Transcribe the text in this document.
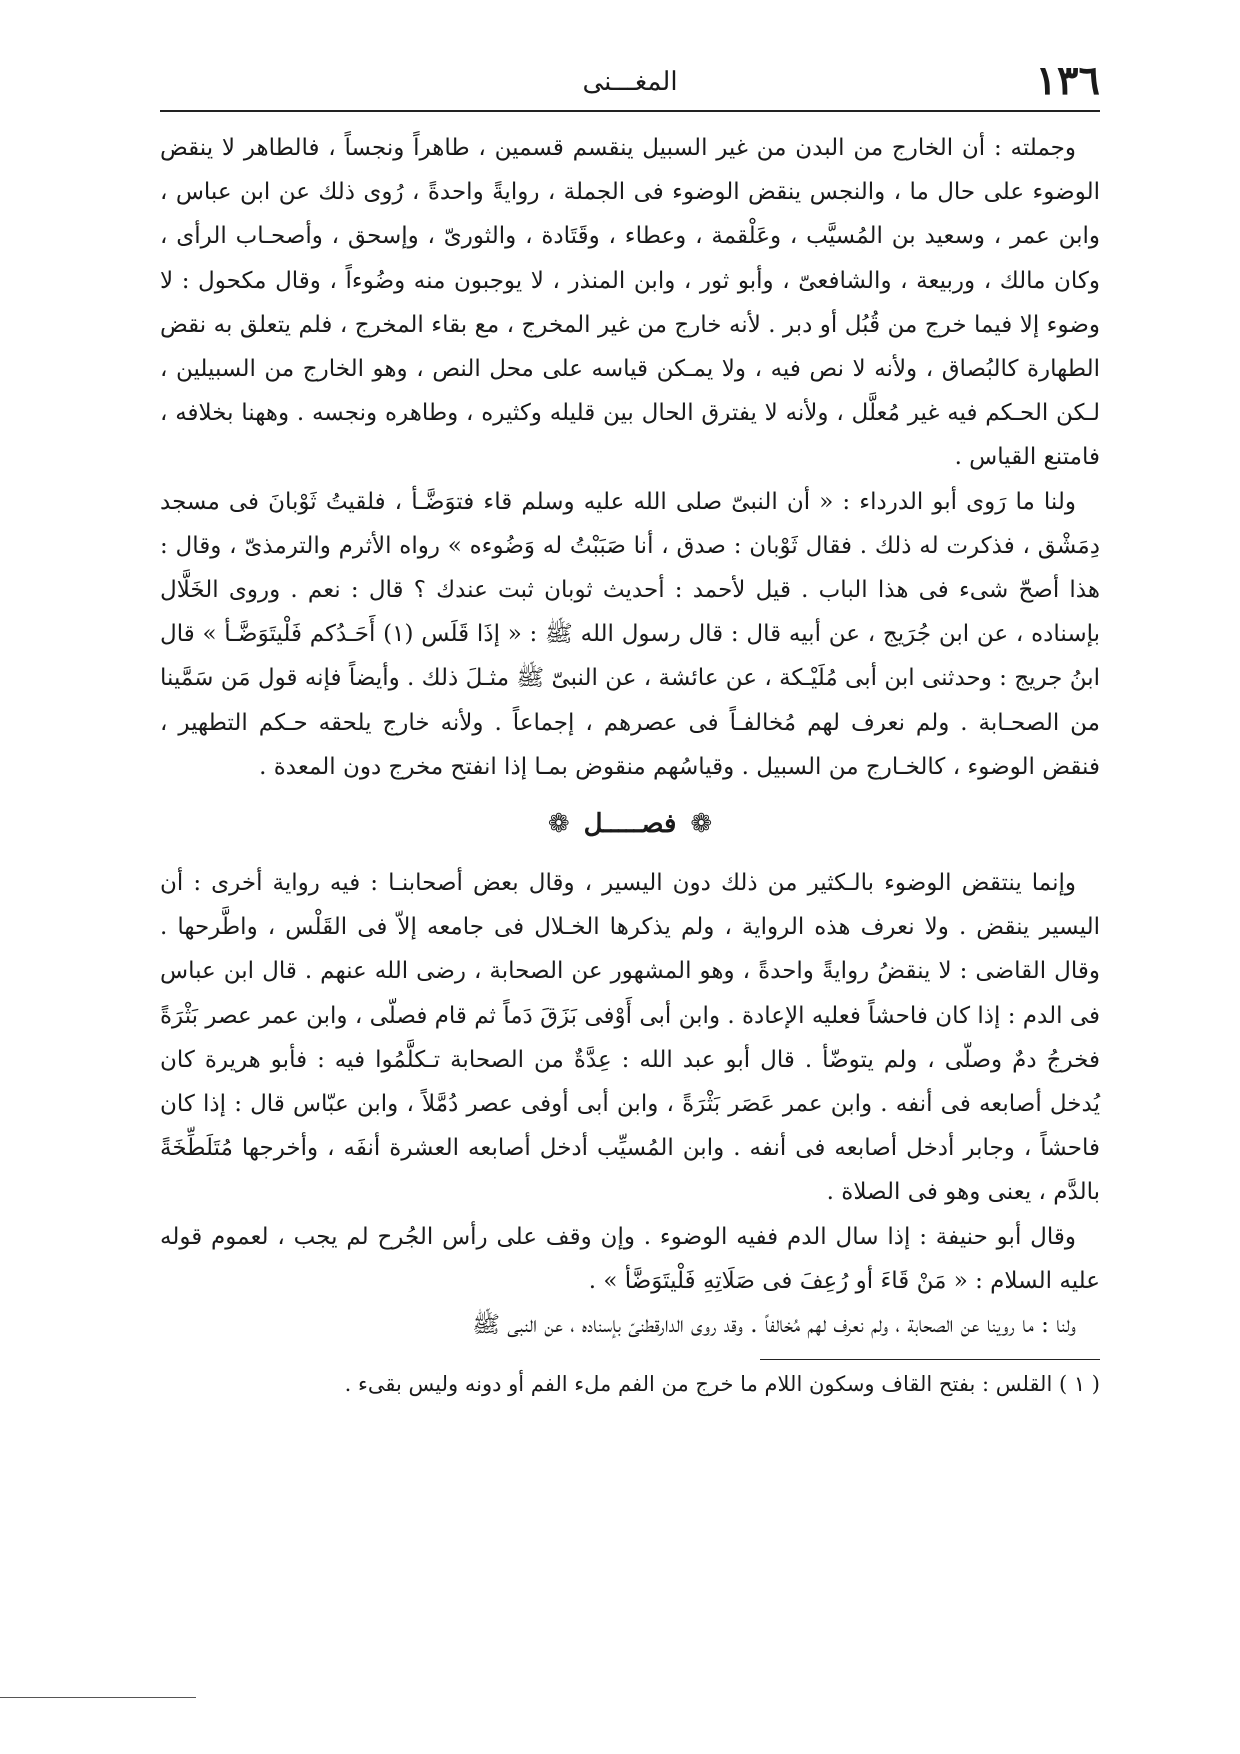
١٣٦
المغـــنى

وجملته : أن الخارج من البدن من غير السبيل ينقسم قسمين ، طاهراً ونجساً ، فالطاهر لا ينقض الوضوء على حال ما ، والنجس ينقض الوضوء فى الجملة ، روايةً واحدةً ، رُوى ذلك عن ابن عباس ، وابن عمر ، وسعيد بن المُسيَّب ، وعَلْقمة ، وعطاء ، وقَتَادة ، والثورىّ ، وإسحق ، وأصحـاب الرأى ، وكان مالك ، وربيعة ، والشافعىّ ، وأبو ثور ، وابن المنذر ، لا يوجبون منه وضُوءاً ، وقال مكحول : لا وضوء إلا فيما خرج من قُبُل أو دبر . لأنه خارج من غير المخرج ، مع بقاء المخرج ، فلم يتعلق به نقض الطهارة كالبُصاق ، ولأنه لا نص فيه ، ولا يمـكن قياسه على محل النص ، وهو الخارج من السبيلين ، لـكن الحـكم فيه غير مُعلَّل ، ولأنه لا يفترق الحال بين قليله وكثيره ، وطاهره ونجسه . وههنا بخلافه ، فامتنع القياس .

ولنا ما رَوى أبو الدرداء : « أن النبىّ صلى الله عليه وسلم قاء فتوَضَّـأ ، فلقيتُ ثَوْبانَ فى مسجد دِمَشْق ، فذكرت له ذلك . فقال ثَوْبان : صدق ، أنا صَبَبْتُ له وَضُوءه » رواه الأثرم والترمذىّ ، وقال : هذا أصحّ شىء فى هذا الباب . قيل لأحمد : أحديث ثوبان ثبت عندك ؟ قال : نعم . وروى الخَلَّال بإسناده ، عن ابن جُرَيج ، عن أبيه قال : قال رسول الله ﷺ : « إذَا قَلَس (١) أَحَـدُكم فَلْيتَوَضَّـأ » قال ابنُ جريج : وحدثنى ابن أبى مُلَيْـكة ، عن عائشة ، عن النبىّ ﷺ مثـلَ ذلك . وأيضاً فإنه قول مَن سَمَّينا من الصحـابة . ولم نعرف لهم مُخالفـاً فى عصرهم ، إجماعاً . ولأنه خارج يلحقه حـكم التطهير ، فنقض الوضوء ، كالخـارج من السبيل . وقياسُهم منقوض بمـا إذا انفتح مخرج دون المعدة .

❁
فصـــــل
❁

وإنما ينتقض الوضوء بالـكثير من ذلك دون اليسير ، وقال بعض أصحابنـا : فيه رواية أخرى : أن اليسير ينقض . ولا نعرف هذه الرواية ، ولم يذكرها الخـلال فى جامعه إلاّ فى القَلْس ، واطَّرحها . وقال القاضى : لا ينقضُ روايةً واحدةً ، وهو المشهور عن الصحابة ، رضى الله عنهم . قال ابن عباس فى الدم : إذا كان فاحشاً فعليه الإعادة . وابن أبى أَوْفى بَزَقَ دَماً ثم قام فصلّى ، وابن عمر عصر بَثْرَةً فخرجُ دمٌ وصلّى ، ولم يتوضّأ . قال أبو عبد الله : عِدَّةٌ من الصحابة تـكلَّمُوا فيه : فأبو هريرة كان يُدخل أصابعه فى أنفه . وابن عمر عَصَر بَثْرَةً ، وابن أبى أوفى عصر دُمَّلاً ، وابن عبّاس قال : إذا كان فاحشاً ، وجابر أدخل أصابعه فى أنفه . وابن المُسيِّب أدخل أصابعه العشرة أنفَه ، وأخرجها مُتَلَطِّخَةً بالدَّم ، يعنى وهو فى الصلاة .

وقال أبو حنيفة : إذا سال الدم ففيه الوضوء . وإن وقف على رأس الجُرح لم يجب ، لعموم قوله عليه السلام : « مَنْ قَاءَ أو رُعِفَ فى صَلَاتِهِ فَلْيتَوَضَّأ » .

ولنا : ما روينا عن الصحابة ، ولم نعرف لهم مُخالفاً . وقد روى الدارقطنىّ بإسناده ، عن النبى ﷺ

( ١ ) القلس : بفتح القاف وسكون اللام ما خرج من الفم ملء الفم أو دونه وليس بقىء .
